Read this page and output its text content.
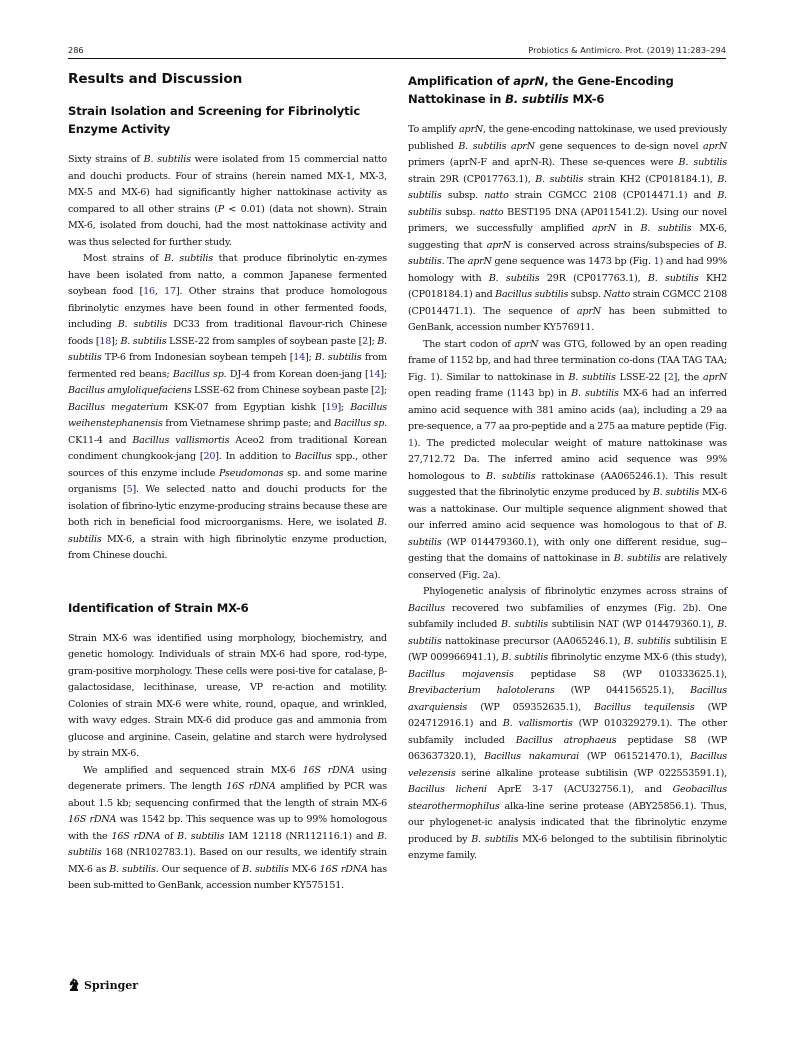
286	Probiotics & Antimicro. Prot. (2019) 11:283–294
Results and Discussion
Strain Isolation and Screening for Fibrinolytic Enzyme Activity

Sixty strains of B. subtilis were isolated from 15 commercial natto and douchi products. Four of strains (herein named MX-1, MX-3, MX-5 and MX-6) had significantly higher nattokinase activity as compared to all other strains (P < 0.01) (data not shown). Strain MX-6, isolated from douchi, had the most nattokinase activity and was thus selected for further study.

Most strains of B. subtilis that produce fibrinolytic en-zymes have been isolated from natto, a common Japanese fermented soybean food [16, 17]. Other strains that produce homologous fibrinolytic enzymes have been found in other fermented foods, including B. subtilis DC33 from traditional flavour-rich Chinese foods [18]; B. subtilis LSSE-22 from samples of soybean paste [2]; B. subtilis TP-6 from Indonesian soybean tempeh [14]; B. subtilis from fermented red beans; Bacillus sp. DJ-4 from Korean doen-jang [14]; Bacillus amyloliquefaciens LSSE-62 from Chinese soybean paste [2]; Bacillus megaterium KSK-07 from Egyptian kishk [19]; Bacillus weihenstephanensis from Vietnamese shrimp paste; and Bacillus sp. CK11-4 and Bacillus vallismortis Aceo2 from traditional Korean condiment chungkook-jang [20]. In addition to Bacillus spp., other sources of this enzyme include Pseudomonas sp. and some marine organisms [5]. We selected natto and douchi products for the isolation of fibrino-lytic enzyme-producing strains because these are both rich in beneficial food microorganisms. Here, we isolated B. subtilis MX-6, a strain with high fibrinolytic enzyme production, from Chinese douchi.

Identification of Strain MX-6

Strain MX-6 was identified using morphology, biochemistry, and genetic homology. Individuals of strain MX-6 had spore, rod-type, gram-positive morphology. These cells were posi-tive for catalase, β-galactosidase, lecithinase, urease, VP re-action and motility. Colonies of strain MX-6 were white, round, opaque, and wrinkled, with wavy edges. Strain MX-6 did produce gas and ammonia from glucose and arginine. Casein, gelatine and starch were hydrolysed by strain MX-6.

We amplified and sequenced strain MX-6 16S rDNA using degenerate primers. The length 16S rDNA amplified by PCR was about 1.5 kb; sequencing confirmed that the length of strain MX-6 16S rDNA was 1542 bp. This sequence was up to 99% homologous with the 16S rDNA of B. subtilis IAM 12118 (NR112116.1) and B. subtilis 168 (NR102783.1). Based on our results, we identify strain MX-6 as B. subtilis. Our sequence of B. subtilis MX-6 16S rDNA has been sub-mitted to GenBank, accession number KY575151.

Amplification of aprN, the Gene-Encoding Nattokinase in B. subtilis MX-6

To amplify aprN, the gene-encoding nattokinase, we used previously published B. subtilis aprN gene sequences to de-sign novel aprN primers (aprN-F and aprN-R). These se-quences were B. subtilis strain 29R (CP017763.1), B. subtilis strain KH2 (CP018184.1), B. subtilis subsp. natto strain CGMCC 2108 (CP014471.1) and B. subtilis subsp. natto BEST195 DNA (AP011541.2). Using our novel primers, we successfully amplified aprN in B. subtilis MX-6, suggesting that aprN is conserved across strains/subspecies of B. subtilis. The aprN gene sequence was 1473 bp (Fig. 1) and had 99% homology with B. subtilis 29R (CP017763.1), B. subtilis KH2 (CP018184.1) and Bacillus subtilis subsp. Natto strain CGMCC 2108 (CP014471.1). The sequence of aprN has been submitted to GenBank, accession number KY576911.

The start codon of aprN was GTG, followed by an open reading frame of 1152 bp, and had three termination co-dons (TAA TAG TAA; Fig. 1). Similar to nattokinase in B. subtilis LSSE-22 [2], the aprN open reading frame (1143 bp) in B. subtilis MX-6 had an inferred amino acid sequence with 381 amino acids (aa), including a 29 aa pre-sequence, a 77 aa pro-peptide and a 275 aa mature peptide (Fig. 1). The predicted molecular weight of mature nattokinase was 27,712.72 Da. The inferred amino acid sequence was 99% homologous to B. subtilis rattokinase (AA065246.1). This result suggested that the fibrinolytic enzyme produced by B. subtilis MX-6 was a nattokinase. Our multiple sequence alignment showed that our inferred amino acid sequence was homologous to that of B. subtilis (WP 014479360.1), with only one different residue, sug-gesting that the domains of nattokinase in B. subtilis are relatively conserved (Fig. 2a).

Phylogenetic analysis of fibrinolytic enzymes across strains of Bacillus recovered two subfamilies of enzymes (Fig. 2b). One subfamily included B. subtilis subtilisin NAT (WP 014479360.1), B. subtilis nattokinase precursor (AA065246.1), B. subtilis subtilisin E (WP 009966941.1), B. subtilis fibrinolytic enzyme MX-6 (this study), Bacillus mojavensis peptidase S8 (WP 010333625.1), Brevibacterium halotolerans (WP 044156525.1), Bacillus axarquiensis (WP 059352635.1), Bacillus tequilensis (WP 024712916.1) and B. vallismortis (WP 010329279.1). The other subfamily included Bacillus atrophaeus peptidase S8 (WP 063637320.1), Bacillus nakamurai (WP 061521470.1), Bacillus velezensis serine alkaline protease subtilisin (WP 022553591.1), Bacillus licheni AprE 3-17 (ACU32756.1), and Geobacillus stearothermophilus alka-line serine protease (ABY25856.1). Thus, our phylogenet-ic analysis indicated that the fibrinolytic enzyme produced by B. subtilis MX-6 belonged to the subtilisin fibrinolytic enzyme family.

Springer
